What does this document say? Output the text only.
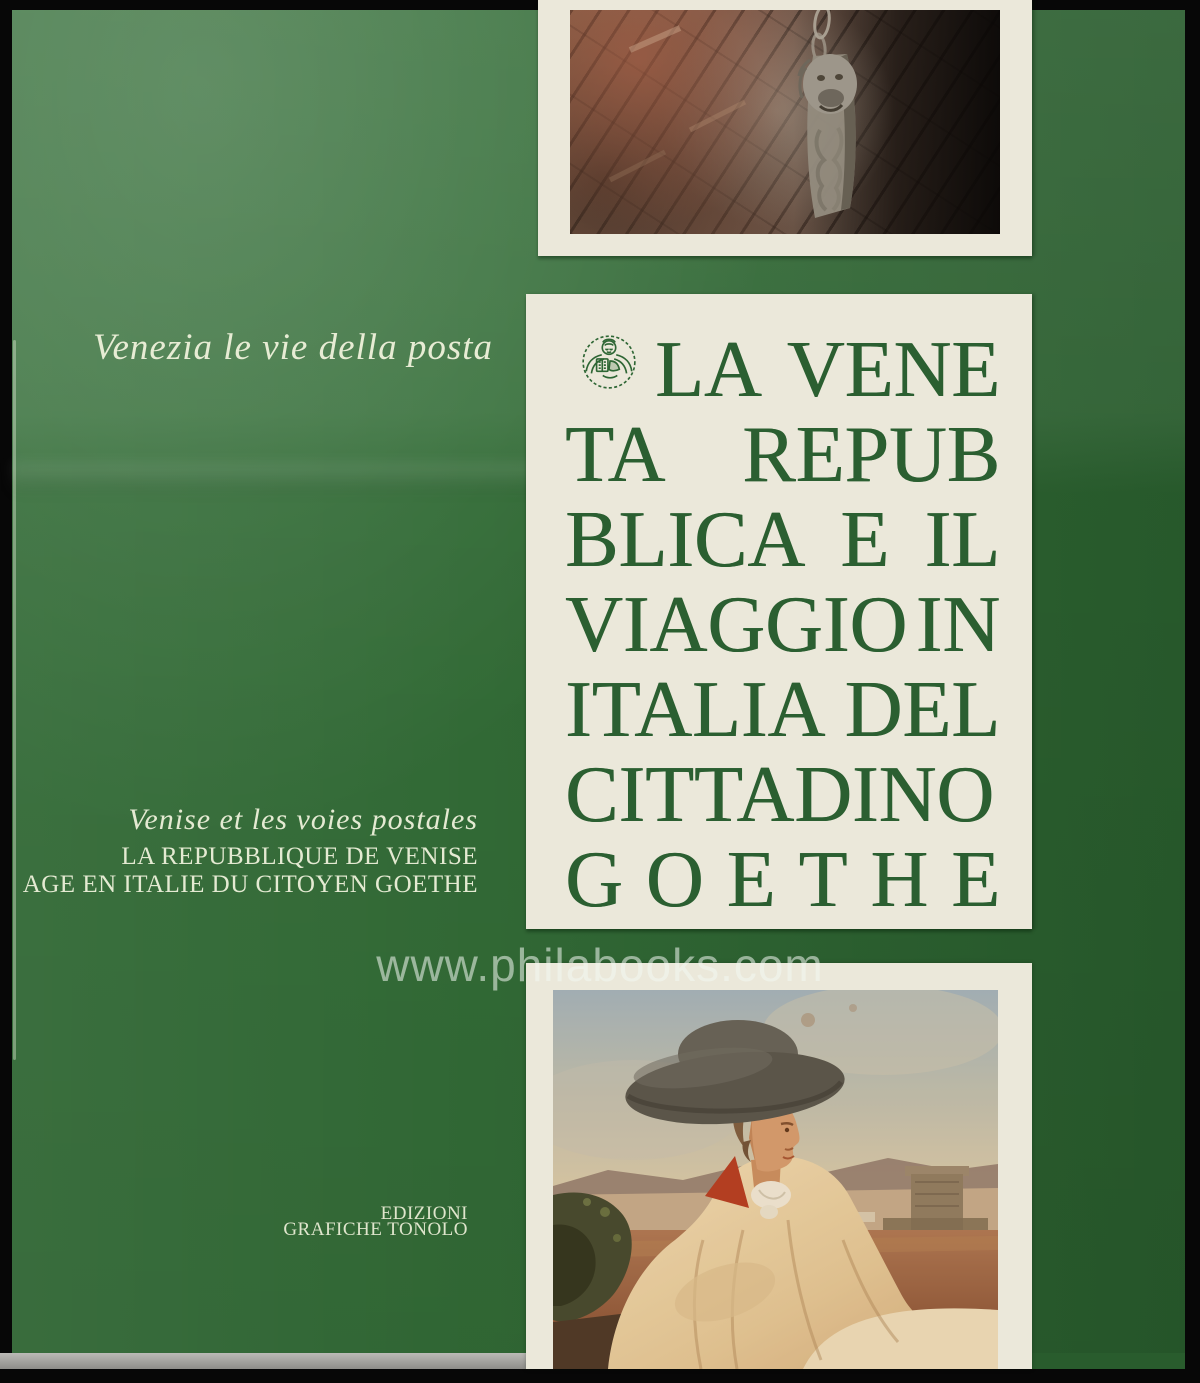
LA VENE
TA REPUB
BLICA E IL
VIAGGIO IN
ITALIA DEL
CITTADINO
G O E T H E
Venezia le vie della posta
Venise et les voies postales
LA REPUBBLIQUE DE VENISE
AGE EN ITALIE DU CITOYEN GOETHE
EDIZIONI
GRAFICHE TONOLO
www.philabooks.com
